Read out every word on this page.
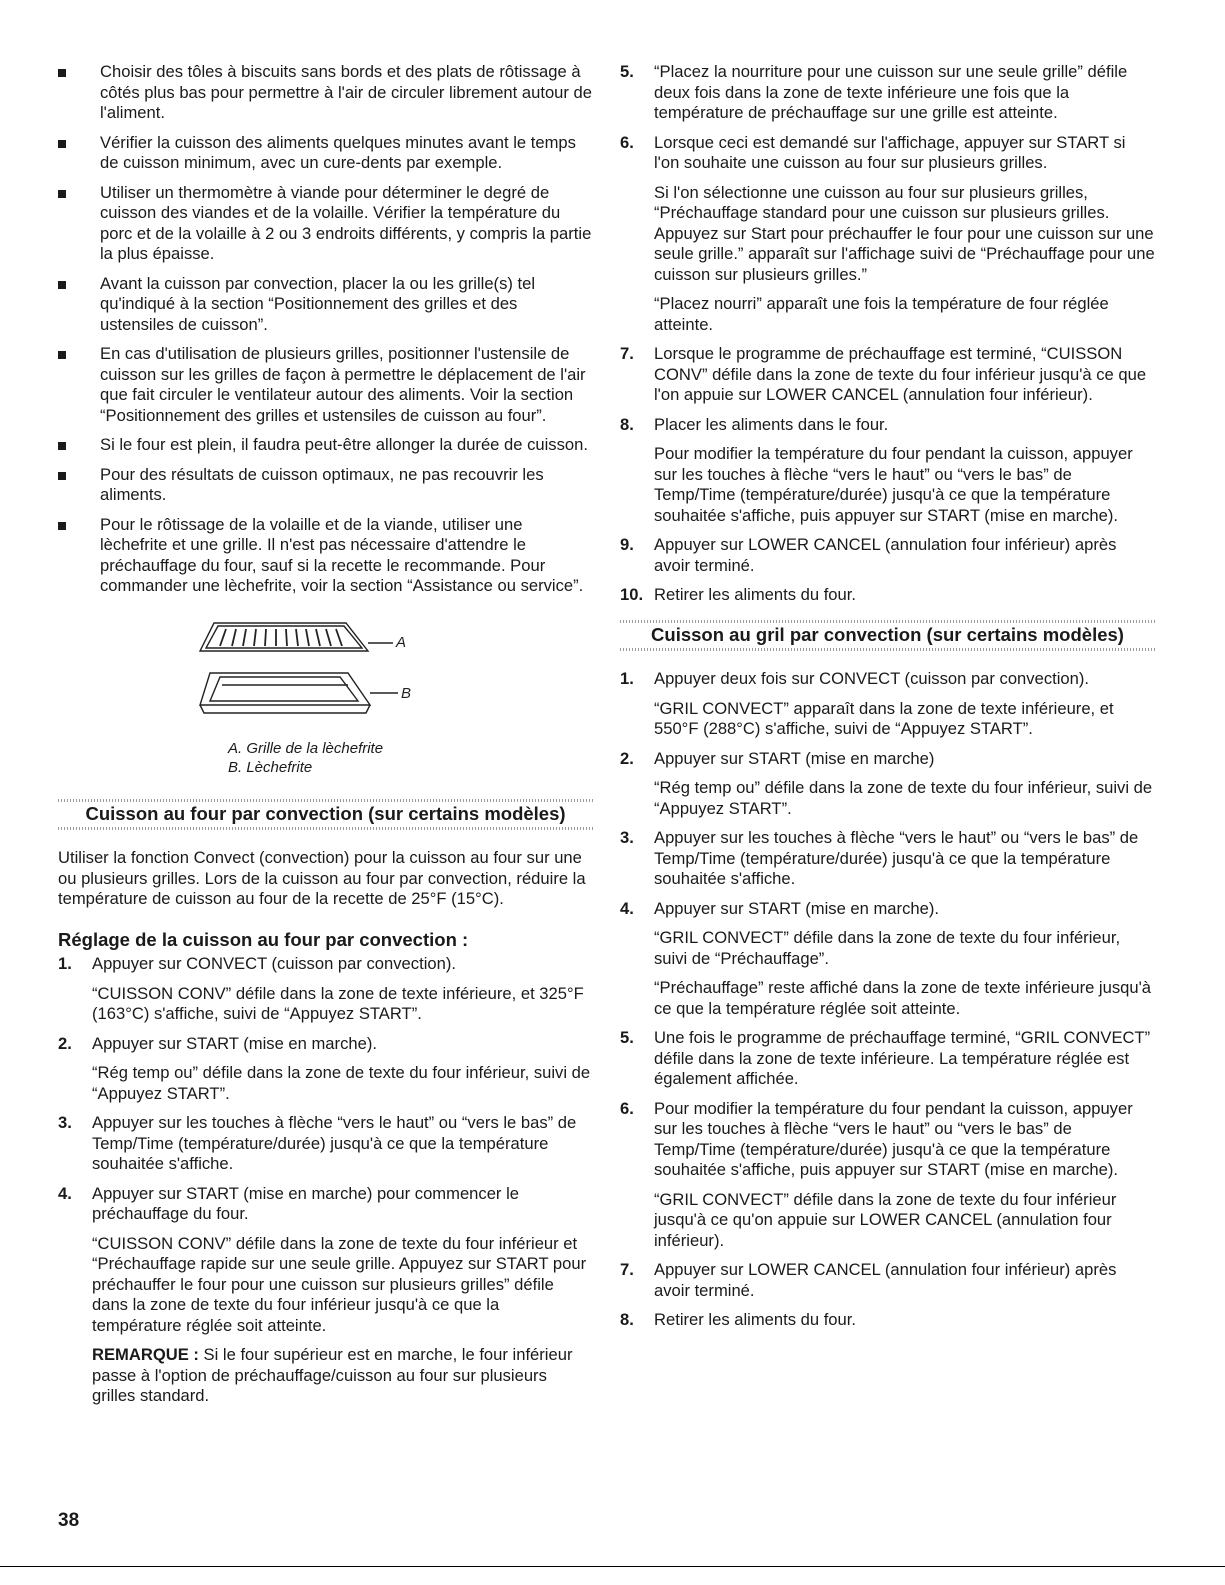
Choisir des tôles à biscuits sans bords et des plats de rôtissage à côtés plus bas pour permettre à l'air de circuler librement autour de l'aliment.
Vérifier la cuisson des aliments quelques minutes avant le temps de cuisson minimum, avec un cure-dents par exemple.
Utiliser un thermomètre à viande pour déterminer le degré de cuisson des viandes et de la volaille. Vérifier la température du porc et de la volaille à 2 ou 3 endroits différents, y compris la partie la plus épaisse.
Avant la cuisson par convection, placer la ou les grille(s) tel qu'indiqué à la section “Positionnement des grilles et des ustensiles de cuisson”.
En cas d'utilisation de plusieurs grilles, positionner l'ustensile de cuisson sur les grilles de façon à permettre le déplacement de l'air que fait circuler le ventilateur autour des aliments. Voir la section “Positionnement des grilles et ustensiles de cuisson au four”.
Si le four est plein, il faudra peut-être allonger la durée de cuisson.
Pour des résultats de cuisson optimaux, ne pas recouvrir les aliments.
Pour le rôtissage de la volaille et de la viande, utiliser une lèchefrite et une grille. Il n'est pas nécessaire d'attendre le préchauffage du four, sauf si la recette le recommande. Pour commander une lèchefrite, voir la section “Assistance ou service”.
A
B
A. Grille de la lèchefrite
B. Lèchefrite
Cuisson au four par convection (sur certains modèles)

Utiliser la fonction Convect (convection) pour la cuisson au four sur une ou plusieurs grilles. Lors de la cuisson au four par convection, réduire la température de cuisson au four de la recette de 25°F (15°C).

Réglage de la cuisson au four par convection :
1. Appuyer sur CONVECT (cuisson par convection).

“CUISSON CONV” défile dans la zone de texte inférieure, et 325°F (163°C) s'affiche, suivi de “Appuyez START”.

2. Appuyer sur START (mise en marche).

“Rég temp ou” défile dans la zone de texte du four inférieur, suivi de “Appuyez START”.

3. Appuyer sur les touches à flèche “vers le haut” ou “vers le bas” de Temp/Time (température/durée) jusqu'à ce que la température souhaitée s'affiche.

4. Appuyer sur START (mise en marche) pour commencer le préchauffage du four.

“CUISSON CONV” défile dans la zone de texte du four inférieur et “Préchauffage rapide sur une seule grille. Appuyez sur START pour préchauffer le four pour une cuisson sur plusieurs grilles” défile dans la zone de texte du four inférieur jusqu'à ce que la température réglée soit atteinte.

REMARQUE : Si le four supérieur est en marche, le four inférieur passe à l'option de préchauffage/cuisson au four sur plusieurs grilles standard.

5. “Placez la nourriture pour une cuisson sur une seule grille” défile deux fois dans la zone de texte inférieure une fois que la température de préchauffage sur une grille est atteinte.

6. Lorsque ceci est demandé sur l'affichage, appuyer sur START si l'on souhaite une cuisson au four sur plusieurs grilles.

Si l'on sélectionne une cuisson au four sur plusieurs grilles, “Préchauffage standard pour une cuisson sur plusieurs grilles. Appuyez sur Start pour préchauffer le four pour une cuisson sur une seule grille.” apparaît sur l'affichage suivi de “Préchauffage pour une cuisson sur plusieurs grilles.”

“Placez nourri” apparaît une fois la température de four réglée atteinte.

7. Lorsque le programme de préchauffage est terminé, “CUISSON CONV” défile dans la zone de texte du four inférieur jusqu'à ce que l'on appuie sur LOWER CANCEL (annulation four inférieur).

8. Placer les aliments dans le four.

Pour modifier la température du four pendant la cuisson, appuyer sur les touches à flèche “vers le haut” ou “vers le bas” de Temp/Time (température/durée) jusqu'à ce que la température souhaitée s'affiche, puis appuyer sur START (mise en marche).

9. Appuyer sur LOWER CANCEL (annulation four inférieur) après avoir terminé.

10. Retirer les aliments du four.

Cuisson au gril par convection (sur certains modèles)
1. Appuyer deux fois sur CONVECT (cuisson par convection).

“GRIL CONVECT” apparaît dans la zone de texte inférieure, et 550°F (288°C) s'affiche, suivi de “Appuyez START”.

2. Appuyer sur START (mise en marche)

“Rég temp ou” défile dans la zone de texte du four inférieur, suivi de “Appuyez START”.

3. Appuyer sur les touches à flèche “vers le haut” ou “vers le bas” de Temp/Time (température/durée) jusqu'à ce que la température souhaitée s'affiche.

4. Appuyer sur START (mise en marche).

“GRIL CONVECT” défile dans la zone de texte du four inférieur, suivi de “Préchauffage”.

“Préchauffage” reste affiché dans la zone de texte inférieure jusqu'à ce que la température réglée soit atteinte.

5. Une fois le programme de préchauffage terminé, “GRIL CONVECT” défile dans la zone de texte inférieure. La température réglée est également affichée.

6. Pour modifier la température du four pendant la cuisson, appuyer sur les touches à flèche “vers le haut” ou “vers le bas” de Temp/Time (température/durée) jusqu'à ce que la température souhaitée s'affiche, puis appuyer sur START (mise en marche).

“GRIL CONVECT” défile dans la zone de texte du four inférieur jusqu'à ce qu'on appuie sur LOWER CANCEL (annulation four inférieur).

7. Appuyer sur LOWER CANCEL (annulation four inférieur) après avoir terminé.

8. Retirer les aliments du four.

38
